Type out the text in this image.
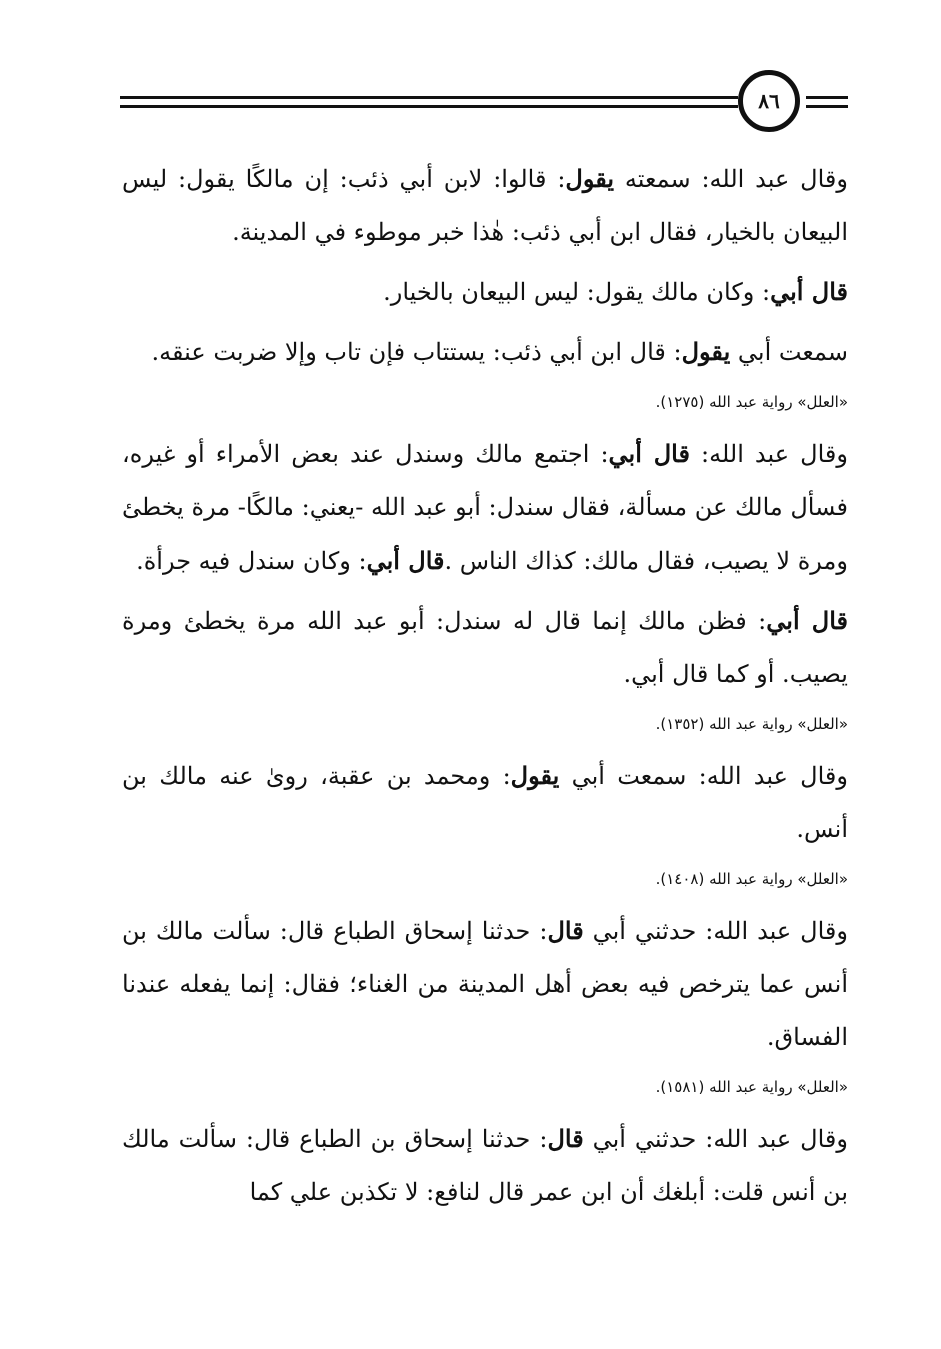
٨٦

وقال عبد الله: سمعته يقول: قالوا: لابن أبي ذئب: إن مالكًا يقول: ليس البيعان بالخيار، فقال ابن أبي ذئب: هٰذا خبر موطوء في المدينة.

قال أبي: وكان مالك يقول: ليس البيعان بالخيار.

سمعت أبي يقول: قال ابن أبي ذئب: يستتاب فإن تاب وإلا ضربت عنقه.

«العلل» رواية عبد الله (١٢٧٥).

وقال عبد الله: قال أبي: اجتمع مالك وسندل عند بعض الأمراء أو غيره، فسأل مالك عن مسألة، فقال سندل: أبو عبد الله -يعني: مالكًا- مرة يخطئ ومرة لا يصيب، فقال مالك: كذاك الناس .قال أبي: وكان سندل فيه جرأة.

قال أبي: فظن مالك إنما قال له سندل: أبو عبد الله مرة يخطئ ومرة يصيب. أو كما قال أبي.

«العلل» رواية عبد الله (١٣٥٢).

وقال عبد الله: سمعت أبي يقول: ومحمد بن عقبة، روىٰ عنه مالك بن أنس.

«العلل» رواية عبد الله (١٤٠٨).

وقال عبد الله: حدثني أبي قال: حدثنا إسحاق الطباع قال: سألت مالك بن أنس عما يترخص فيه بعض أهل المدينة من الغناء؛ فقال: إنما يفعله عندنا الفساق.

«العلل» رواية عبد الله (١٥٨١).

وقال عبد الله: حدثني أبي قال: حدثنا إسحاق بن الطباع قال: سألت مالك بن أنس قلت: أبلغك أن ابن عمر قال لنافع: لا تكذبن علي كما
